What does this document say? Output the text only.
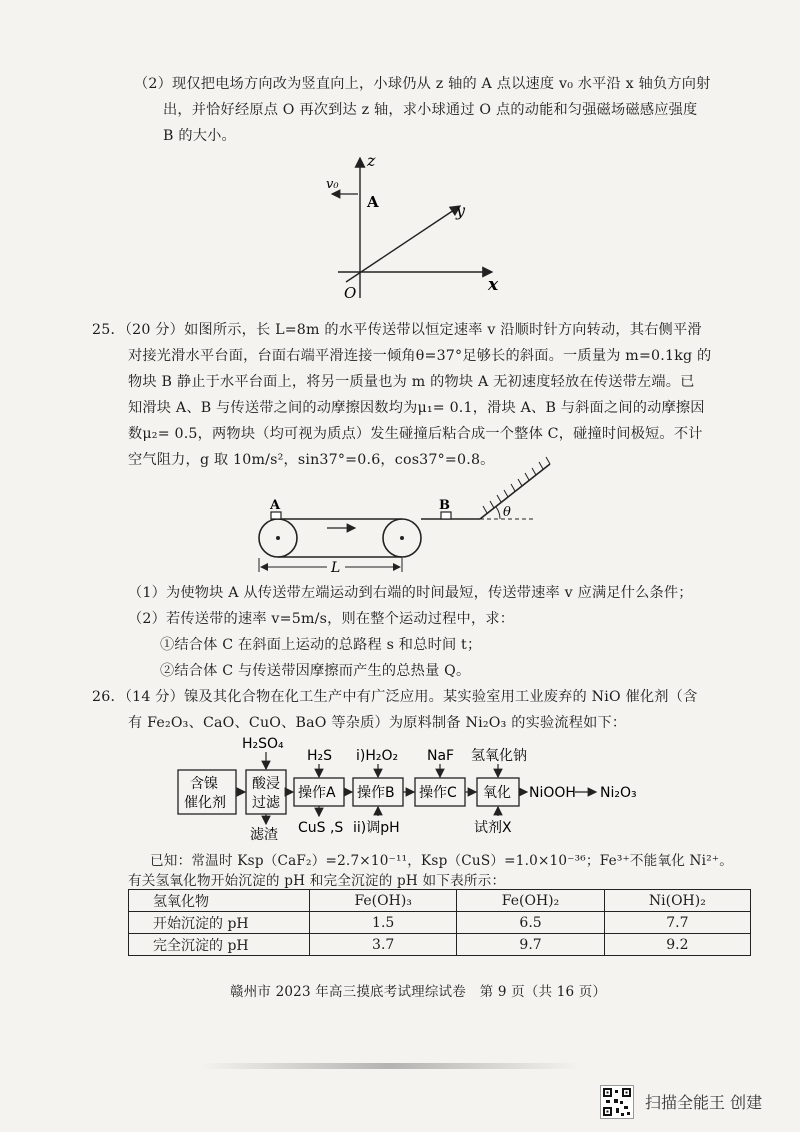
（2）现仅把电场方向改为竖直向上，小球仍从 z 轴的 A 点以速度 v₀ 水平沿 x 轴负方向射
出，并恰好经原点 O 再次到达 z 轴，求小球通过 O 点的动能和匀强磁场磁感应强度
B 的大小。
z
y
x
O
A
v₀
25．（20 分）如图所示，长 L=8m 的水平传送带以恒定速率 v 沿顺时针方向转动，其右侧平滑
对接光滑水平台面，台面右端平滑连接一倾角θ=37°足够长的斜面。一质量为 m=0.1kg 的
物块 B 静止于水平台面上，将另一质量也为 m 的物块 A 无初速度轻放在传送带左端。已
知滑块 A、B 与传送带之间的动摩擦因数均为μ₁= 0.1，滑块 A、B 与斜面之间的动摩擦因
数μ₂= 0.5，两物块（均可视为质点）发生碰撞后粘合成一个整体 C，碰撞时间极短。不计
空气阻力，g 取 10m/s²，sin37°=0.6，cos37°=0.8。
θ
A	B
L
（1）为使物块 A 从传送带左端运动到右端的时间最短，传送带速率 v 应满足什么条件；
（2）若传送带的速率 v=5m/s，则在整个运动过程中，求：
①结合体 C 在斜面上运动的总路程 s 和总时间 t；
②结合体 C 与传送带因摩擦而产生的总热量 Q。
26．（14 分）镍及其化合物在化工生产中有广泛应用。某实验室用工业废弃的 NiO 催化剂（含
有 Fe₂O₃、CaO、CuO、BaO 等杂质）为原料制备 Ni₂O₃ 的实验流程如下：
含镍
催化剂
酸浸
过滤
操作A 操作B 操作C 氧化
H₂SO₄
H₂S i)H₂O₂ NaF 氢氧化钠
滤渣 CuS ,S ii)调pH	试剂X
NiOOH Ni₂O₃
已知：常温时 Ksp（CaF₂）=2.7×10⁻¹¹，Ksp（CuS）=1.0×10⁻³⁶；Fe³⁺不能氧化 Ni²⁺。
有关氢氧化物开始沉淀的 pH 和完全沉淀的 pH 如下表所示：
氢氧化物	Fe(OH)₃	Fe(OH)₂	Ni(OH)₂
开始沉淀的 pH	1.5	6.5	7.7
完全沉淀的 pH	3.7	9.7	9.2
赣州市 2023 年高三摸底考试理综试卷　第 9 页（共 16 页）
扫描全能王 创建
